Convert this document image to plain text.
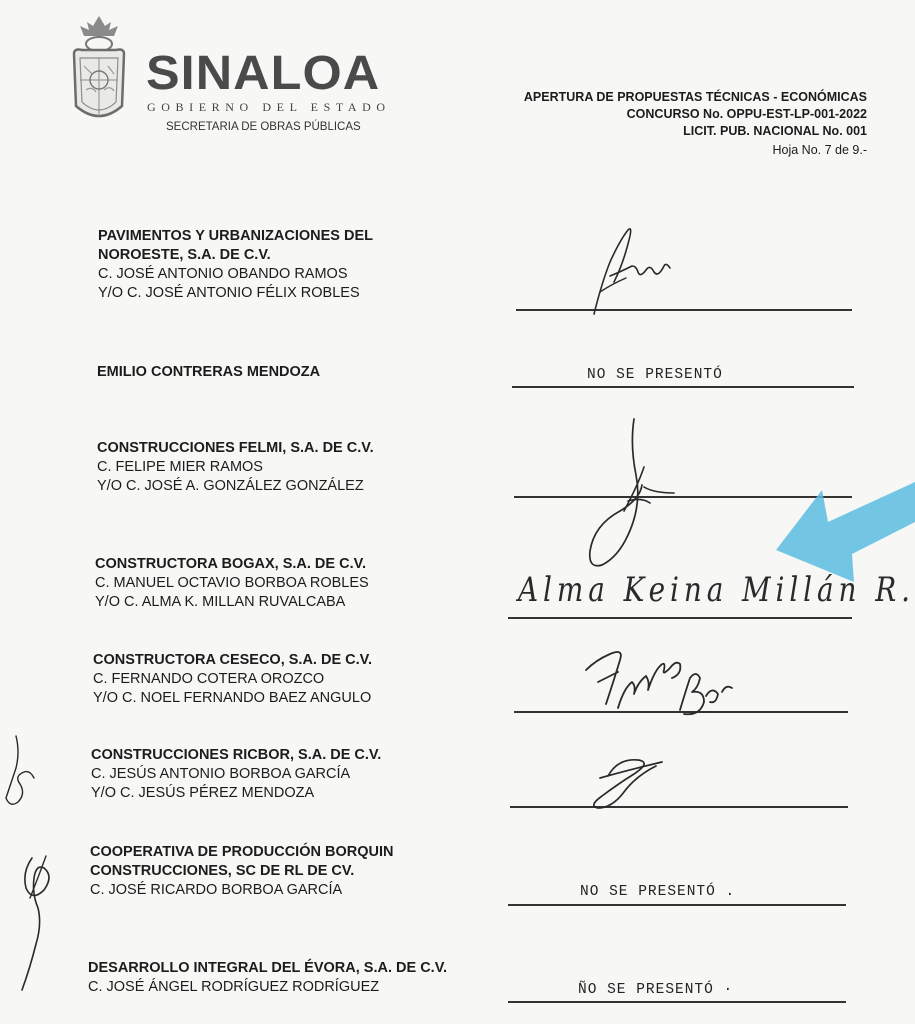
SINALOA
GOBIERNO DEL ESTADO
SECRETARIA DE OBRAS PÚBLICAS
APERTURA DE PROPUESTAS TÉCNICAS - ECONÓMICAS
CONCURSO No. OPPU-EST-LP-001-2022
LICIT. PUB. NACIONAL No. 001
Hoja No. 7 de 9.-
PAVIMENTOS Y URBANIZACIONES DEL
NOROESTE, S.A. DE C.V.
C. JOSÉ ANTONIO OBANDO RAMOS
Y/O C. JOSÉ ANTONIO FÉLIX ROBLES
EMILIO CONTRERAS MENDOZA	NO SE PRESENTÓ
CONSTRUCCIONES FELMI, S.A. DE C.V.
C. FELIPE MIER RAMOS
Y/O C. JOSÉ A. GONZÁLEZ GONZÁLEZ
CONSTRUCTORA BOGAX, S.A. DE C.V.
C. MANUEL OCTAVIO BORBOA ROBLES
Y/O C. ALMA K. MILLAN RUVALCABA	Alma Keina Millán R.
CONSTRUCTORA CESECO, S.A. DE C.V.
C. FERNANDO COTERA OROZCO
Y/O C. NOEL FERNANDO BAEZ ANGULO
CONSTRUCCIONES RICBOR, S.A. DE C.V.
C. JESÚS ANTONIO BORBOA GARCÍA
Y/O C. JESÚS PÉREZ MENDOZA
COOPERATIVA DE PRODUCCIÓN BORQUIN
CONSTRUCCIONES, SC DE RL DE CV.
C. JOSÉ RICARDO BORBOA GARCÍA	NO SE PRESENTÓ .
DESARROLLO INTEGRAL DEL ÉVORA, S.A. DE C.V.
C. JOSÉ ÁNGEL RODRÍGUEZ RODRÍGUEZ	ÑO SE PRESENTÓ ·
